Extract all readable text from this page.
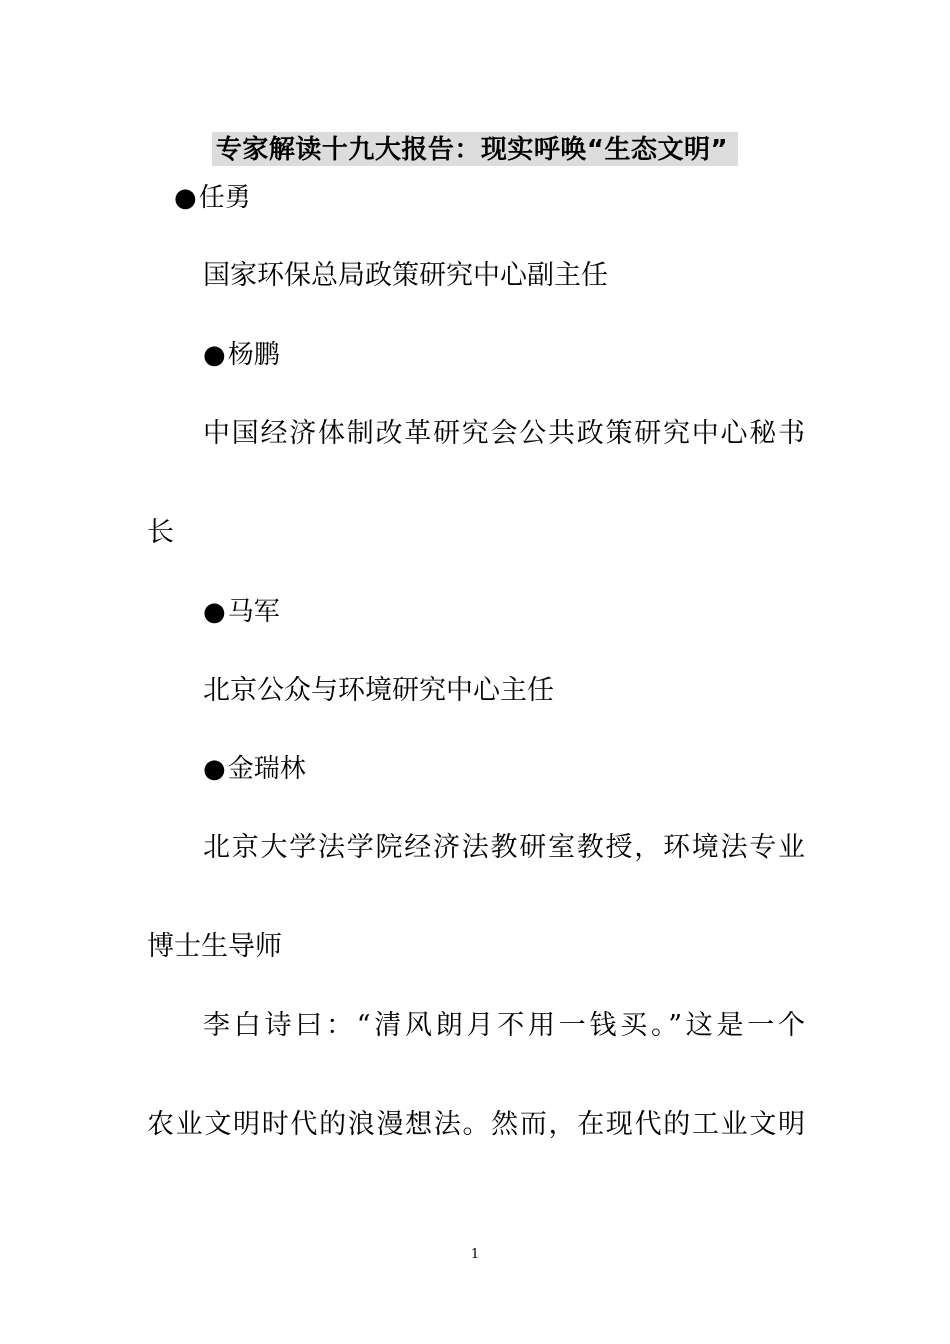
专家解读十九大报告：现实呼唤“生态文明”
●任勇
国家环保总局政策研究中心副主任
●杨鹏
中国经济体制改革研究会公共政策研究中心秘书
长
●马军
北京公众与环境研究中心主任
●金瑞林
北京大学法学院经济法教研室教授，环境法专业
博士生导师
李白诗曰：“清风朗月不用一钱买。”这是一个
农业文明时代的浪漫想法。然而，在现代的工业文明
1
